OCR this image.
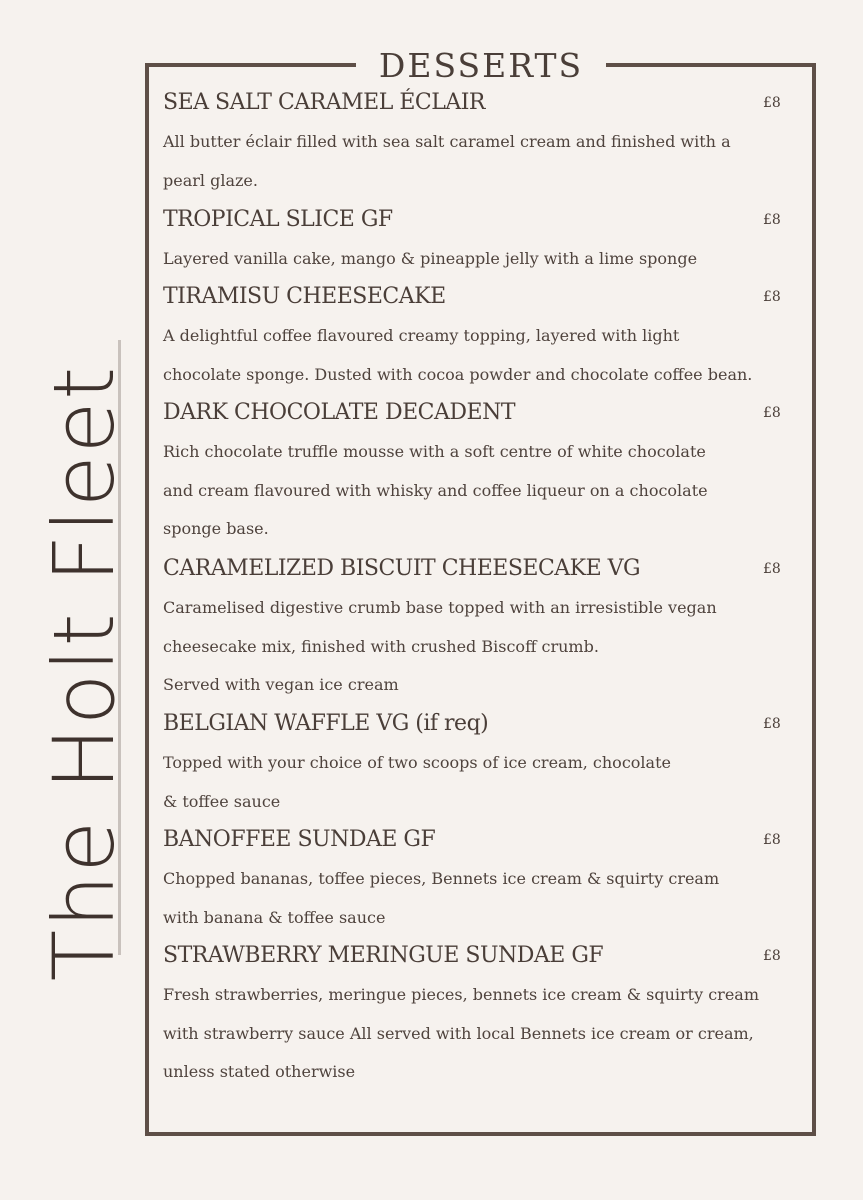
The Holt Fleet
DESSERTS
SEA SALT CARAMEL ÉCLAIR	£8
All butter éclair filled with sea salt caramel cream and finished with a
pearl glaze.
TROPICAL SLICE GF	£8
Layered vanilla cake, mango & pineapple jelly with a lime sponge
TIRAMISU CHEESECAKE	£8
A delightful coffee flavoured creamy topping, layered with light
chocolate sponge. Dusted with cocoa powder and chocolate coffee bean.
DARK CHOCOLATE DECADENT	£8
Rich chocolate truffle mousse with a soft centre of white chocolate
and cream flavoured with whisky and coffee liqueur on a chocolate
sponge base.
CARAMELIZED BISCUIT CHEESECAKE VG	£8
Caramelised digestive crumb base topped with an irresistible vegan
cheesecake mix, finished with crushed Biscoff crumb.
Served with vegan ice cream
BELGIAN WAFFLE VG (if req)	£8
Topped with your choice of two scoops of ice cream, chocolate
& toffee sauce
BANOFFEE SUNDAE GF	£8
Chopped bananas, toffee pieces, Bennets ice cream & squirty cream
with banana & toffee sauce
STRAWBERRY MERINGUE SUNDAE GF	£8
Fresh strawberries, meringue pieces, bennets ice cream & squirty cream
with strawberry sauce All served with local Bennets ice cream or cream,
unless stated otherwise
